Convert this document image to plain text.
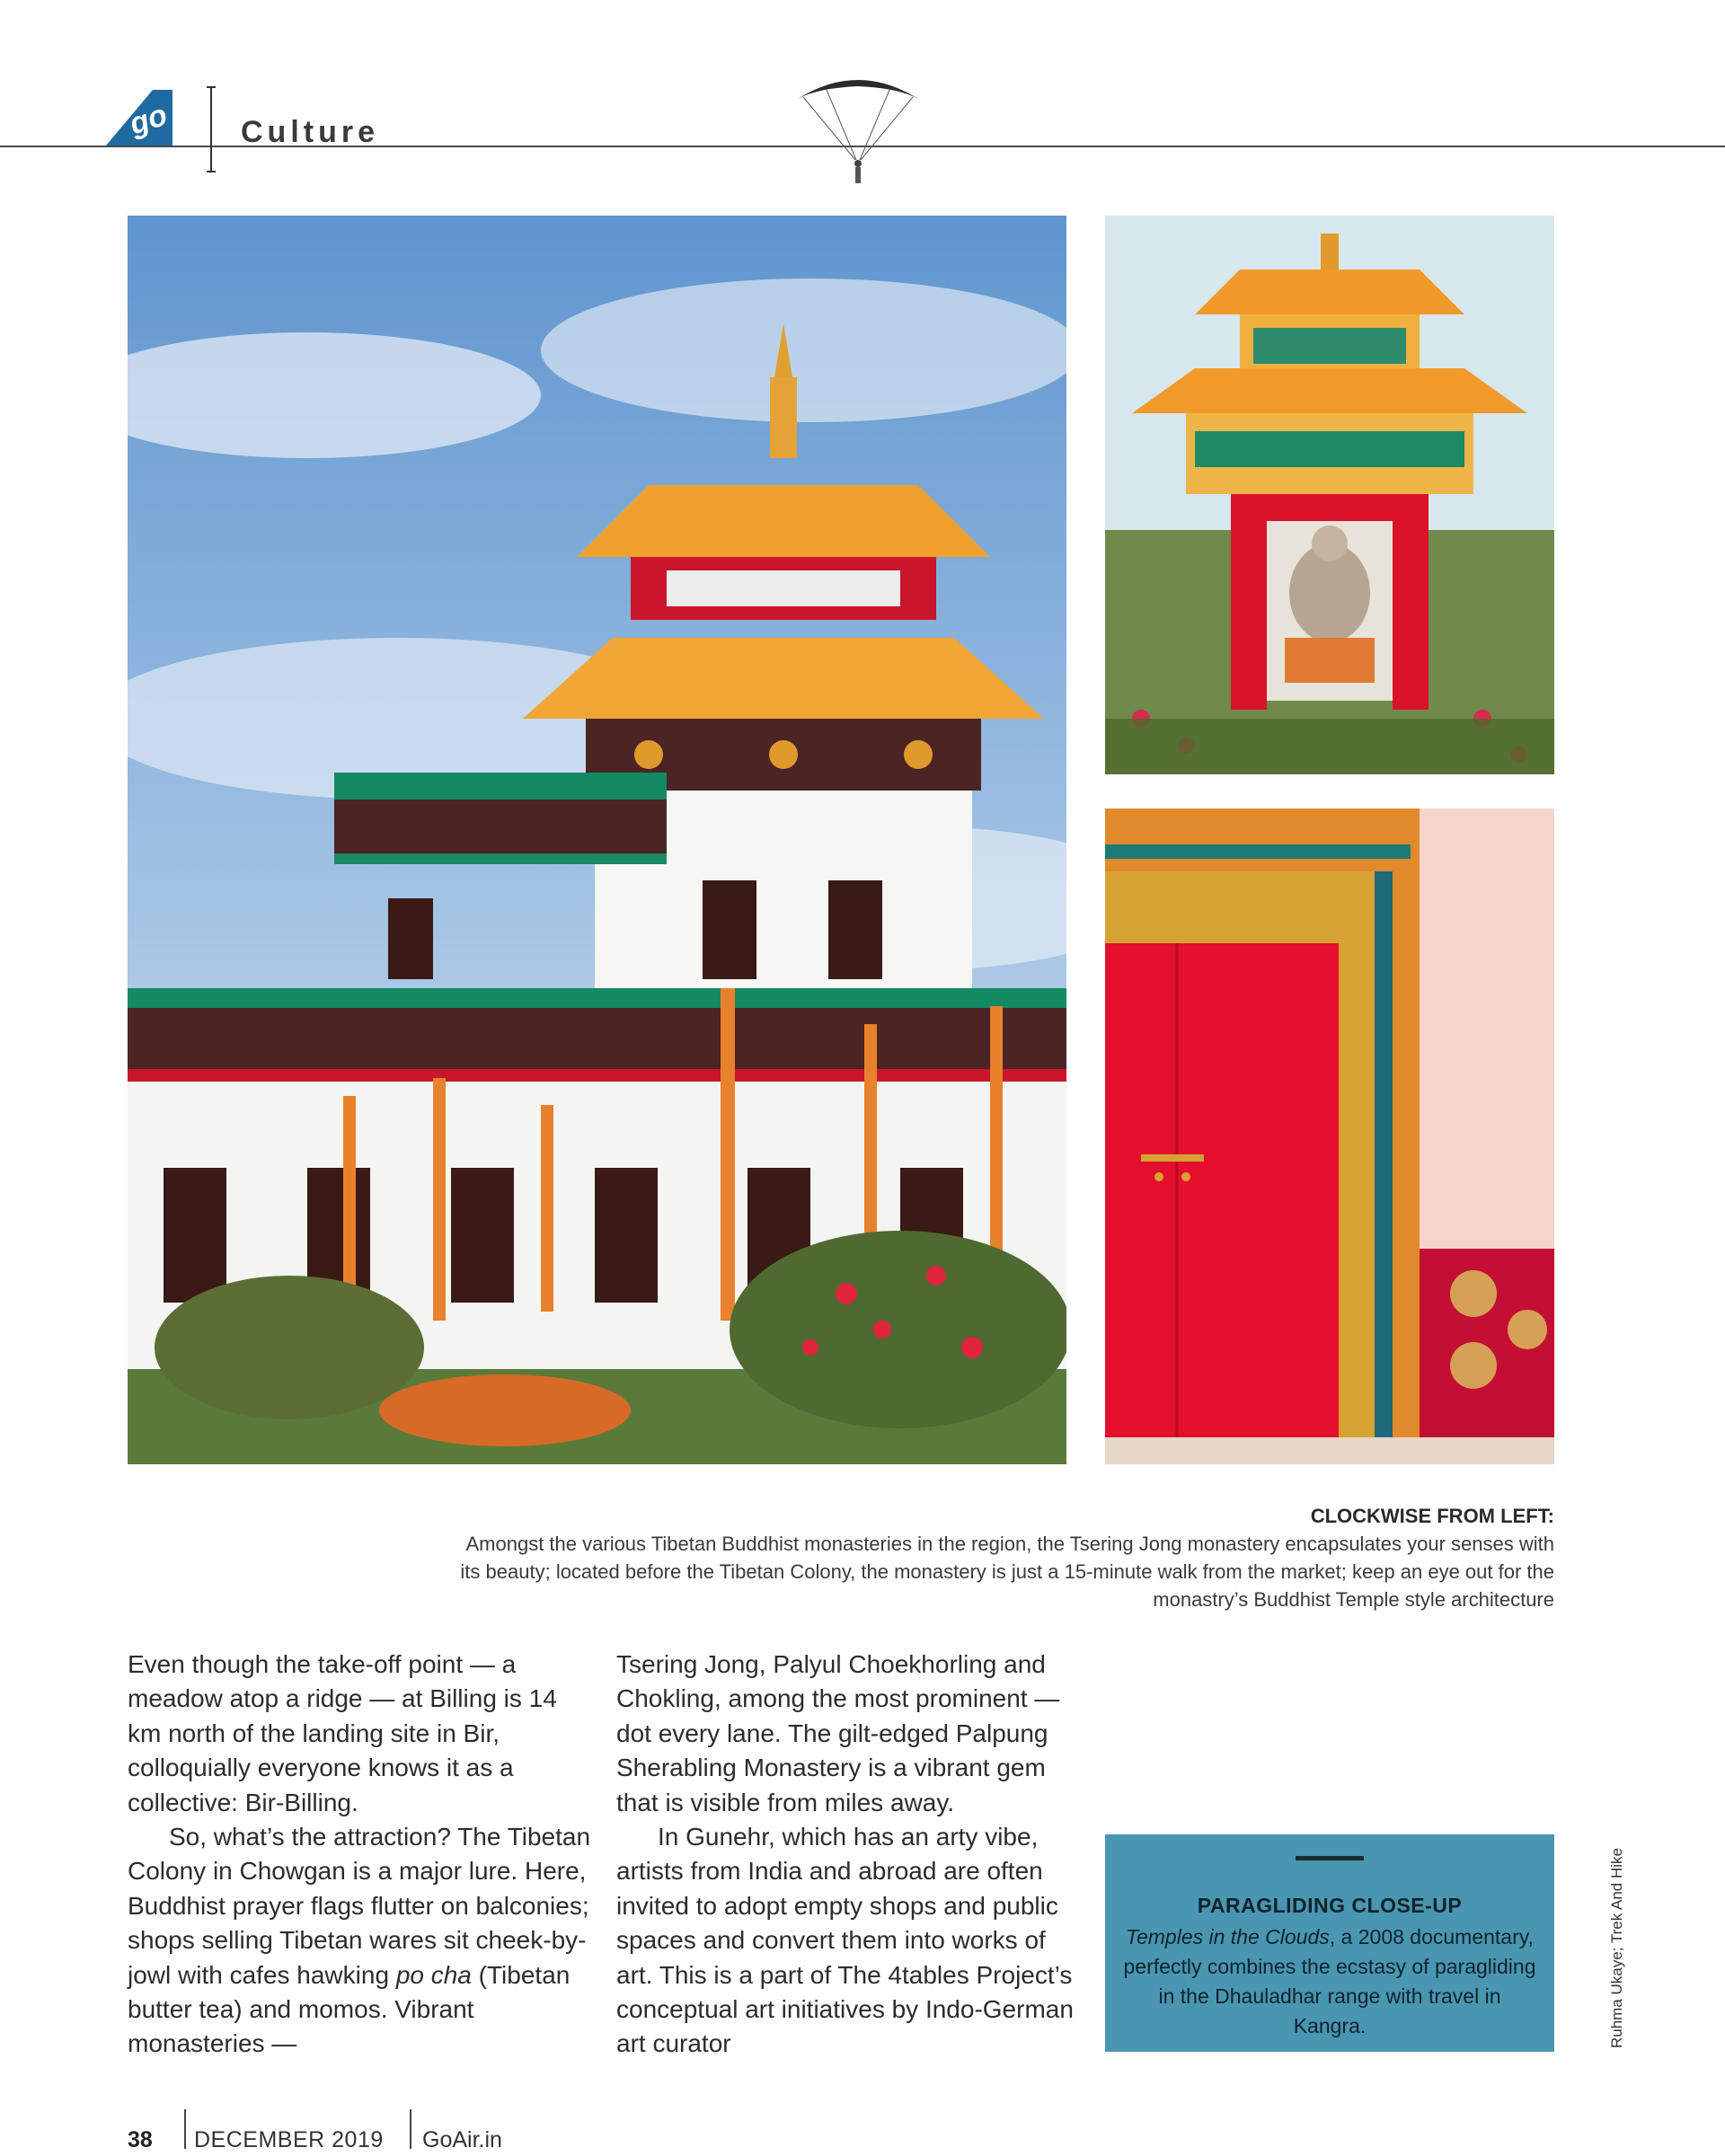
go Culture
CLOCKWISE FROM LEFT:
Amongst the various Tibetan Buddhist monasteries in the region, the Tsering Jong monastery encapsulates your senses with
its beauty; located before the Tibetan Colony, the monastery is just a 15-minute walk from the market; keep an eye out for the
monastry’s Buddhist Temple style architecture

Even though the take-off point — a meadow atop a ridge — at Billing is 14 km north of the landing site in Bir, colloquially everyone knows it as a collective: Bir-Billing.

So, what’s the attraction? The Tibetan Colony in Chowgan is a major lure. Here, Buddhist prayer flags flutter on balconies; shops selling Tibetan wares sit cheek-by-jowl with cafes hawking po cha (Tibetan butter tea) and momos. Vibrant monasteries —

Tsering Jong, Palyul Choekhorling and Chokling, among the most prominent — dot every lane. The gilt-edged Palpung Sherabling Monastery is a vibrant gem that is visible from miles away.

In Gunehr, which has an arty vibe, artists from India and abroad are often invited to adopt empty shops and public spaces and convert them into works of art. This is a part of The 4tables Project’s conceptual art initiatives by Indo-German art curator

PARAGLIDING CLOSE-UP
Temples in the Clouds, a 2008 documentary, perfectly combines the ecstasy of paragliding in the Dhauladhar range with travel in Kangra.	Ruhma Ukaye; Trek And Hike
38 DECEMBER 2019 GoAir.in
